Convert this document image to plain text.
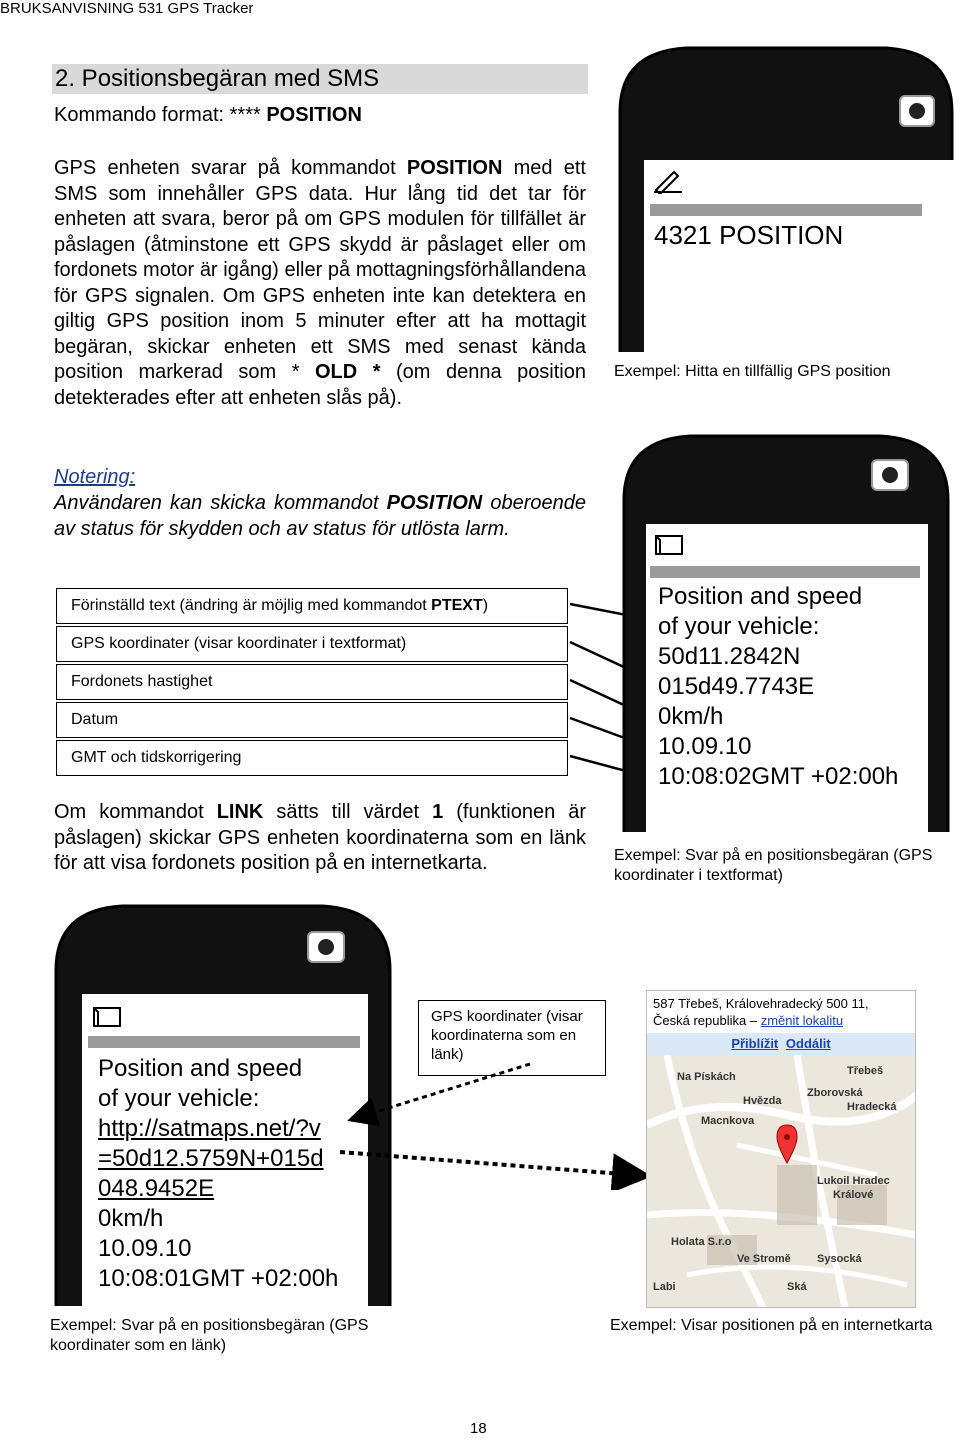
BRUKSANVISNING 531 GPS Tracker
2. Positionsbegäran med SMS
Kommando format: **** POSITION
GPS enheten svarar på kommandot POSITION med ett SMS som innehåller GPS data. Hur lång tid det tar för enheten att svara, beror på om GPS modulen för tillfället är påslagen (åtminstone ett GPS skydd är påslaget eller om fordonets motor är igång) eller på mottagningsförhållandena för GPS signalen. Om GPS enheten inte kan detektera en giltig GPS position inom 5 minuter efter att ha mottagit begäran, skickar enheten ett SMS med senast kända position markerad som * OLD * (om denna position detekterades efter att enheten slås på).
Notering:
Användaren kan skicka kommandot POSITION oberoende av status för skydden och av status för utlösta larm.
Förinställd text (ändring är möjlig med kommandot PTEXT)
GPS koordinater (visar koordinater i textformat)
Fordonets hastighet
Datum
GMT och tidskorrigering
Om kommandot LINK sätts till värdet 1 (funktionen är påslagen) skickar GPS enheten koordinaterna som en länk för att visa fordonets position på en internetkarta.
4321 POSITION
Exempel: Hitta en tillfällig GPS position
Position and speed
of your vehicle:
50d11.2842N
015d49.7743E
0km/h
10.09.10
10:08:02GMT +02:00h
Exempel: Svar på en positionsbegäran (GPS koordinater i textformat)
Position and speed
of your vehicle:
http://satmaps.net/?v
=50d12.5759N+015d
048.9452E
0km/h
10.09.10
10:08:01GMT +02:00h
Exempel: Svar på en positionsbegäran (GPS koordinater som en länk)
GPS koordinater (visar koordinaterna som en länk)
587 Třebeš, Královehradecký 500 11, Česká republika – změnit lokalitu
Přiblížit Oddálit
Na Pískách	Třebeš
Hvězda
Zborovská
Macnkova
Hradecká
Lukoil Hradec
Králové
Holata S.r.o
Ve Stromě Sysocká
Labi	Ská
Exempel: Visar positionen på en internetkarta
18
